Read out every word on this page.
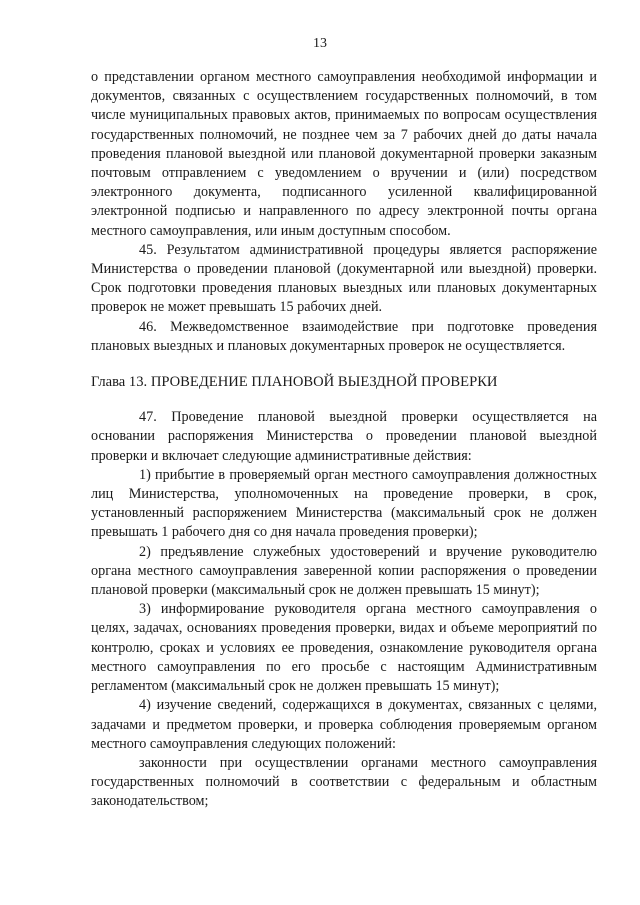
13

о представлении органом местного самоуправления необходимой информации и документов, связанных с осуществлением государственных полномочий, в том числе муниципальных правовых актов, принимаемых по вопросам осуществления государственных полномочий, не позднее чем за 7 рабочих дней до даты начала проведения плановой выездной или плановой документарной проверки заказным почтовым отправлением с уведомлением о вручении и (или) посредством электронного документа, подписанного усиленной квалифицированной электронной подписью и направленного по адресу электронной почты органа местного самоуправления, или иным доступным способом.

45. Результатом административной процедуры является распоряжение Министерства о проведении плановой (документарной или выездной) проверки. Срок подготовки проведения плановых выездных или плановых документарных проверок не может превышать 15 рабочих дней.

46. Межведомственное взаимодействие при подготовке проведения плановых выездных и плановых документарных проверок не осуществляется.

Глава 13. ПРОВЕДЕНИЕ ПЛАНОВОЙ ВЫЕЗДНОЙ ПРОВЕРКИ

47. Проведение плановой выездной проверки осуществляется на основании распоряжения Министерства о проведении плановой выездной проверки и включает следующие административные действия:

1) прибытие в проверяемый орган местного самоуправления должностных лиц Министерства, уполномоченных на проведение проверки, в срок, установленный распоряжением Министерства (максимальный срок не должен превышать 1 рабочего дня со дня начала проведения проверки);

2) предъявление служебных удостоверений и вручение руководителю органа местного самоуправления заверенной копии распоряжения о проведении плановой проверки (максимальный срок не должен превышать 15 минут);

3) информирование руководителя органа местного самоуправления о целях, задачах, основаниях проведения проверки, видах и объеме мероприятий по контролю, сроках и условиях ее проведения, ознакомление руководителя органа местного самоуправления по его просьбе с настоящим Административным регламентом (максимальный срок не должен превышать 15 минут);

4) изучение сведений, содержащихся в документах, связанных с целями, задачами и предметом проверки, и проверка соблюдения проверяемым органом местного самоуправления следующих положений:

законности при осуществлении органами местного самоуправления государственных полномочий в соответствии с федеральным и областным законодательством;
